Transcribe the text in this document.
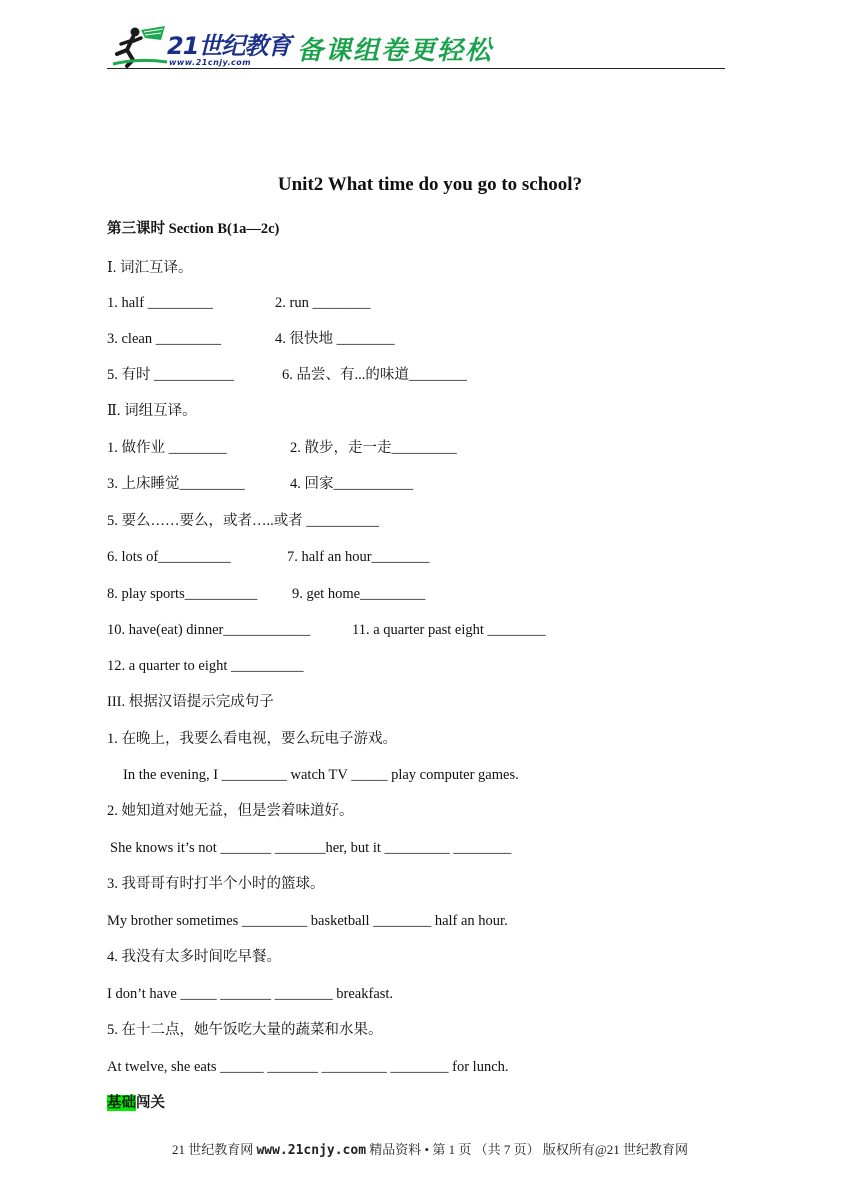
21世纪教育
www.21cnjy.com 备课组卷更轻松
Unit2 What time do you go to school?
第三课时 Section B(1a—2c)
Ⅰ. 词汇互译。
1. half _________	2. run ________
3. clean _________	4. 很快地 ________
5. 有时 ___________	6. 品尝、有...的味道________
Ⅱ. 词组互译。
1. 做作业 ________	2. 散步，走一走_________
3. 上床睡觉_________	4. 回家___________
5. 要么……要么，或者…..或者 __________
6. lots of__________	7. half an hour________
8. play sports__________ 9. get home_________
10. have(eat) dinner____________	11. a quarter past eight ________
12. a quarter to eight __________
III. 根据汉语提示完成句子
1. 在晚上，我要么看电视，要么玩电子游戏。
In the evening, I _________ watch TV _____ play computer games.
2. 她知道对她无益，但是尝着味道好。
She knows it’s not _______ _______her, but it _________ ________
3. 我哥哥有时打半个小时的篮球。
My brother sometimes _________ basketball ________ half an hour.
4. 我没有太多时间吃早餐。
I don’t have _____ _______ ________ breakfast.
5. 在十二点，她午饭吃大量的蔬菜和水果。
At twelve, she eats ______ _______ _________ ________ for lunch.
基础闯关
21 世纪教育网 www.21cnjy.com 精品资料 • 第 1 页 （共 7 页） 版权所有@21 世纪教育网
